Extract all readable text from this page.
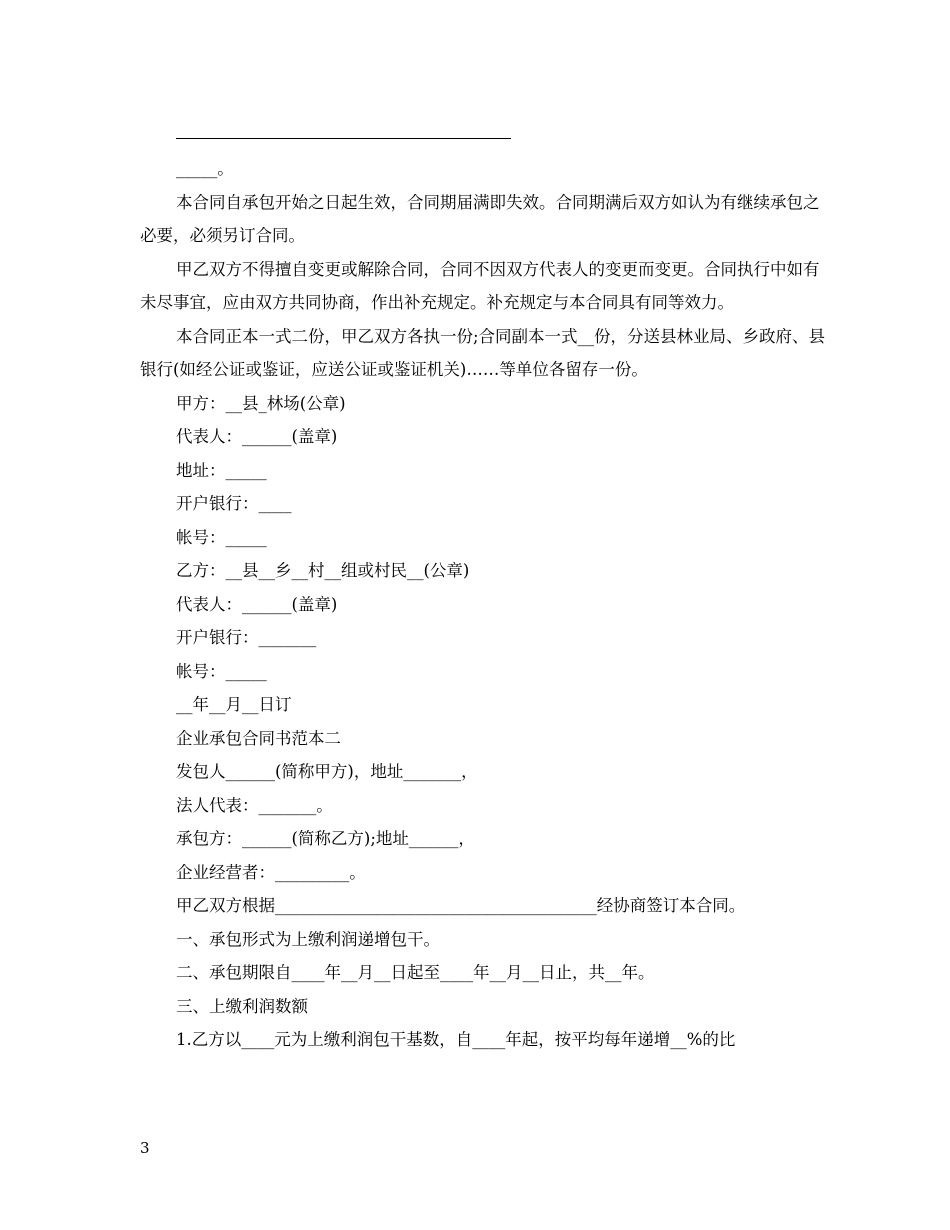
_____。

本合同自承包开始之日起生效，合同期届满即失效。合同期满后双方如认为有继续承包之必要，必须另订合同。

甲乙双方不得擅自变更或解除合同，合同不因双方代表人的变更而变更。合同执行中如有未尽事宜，应由双方共同协商，作出补充规定。补充规定与本合同具有同等效力。

本合同正本一式二份，甲乙双方各执一份;合同副本一式__份，分送县林业局、乡政府、县银行(如经公证或鉴证，应送公证或鉴证机关)……等单位各留存一份。

甲方：__县_林场(公章)

代表人：______(盖章)

地址：_____

开户银行：____

帐号：_____

乙方：__县__乡__村__组或村民__(公章)

代表人：______(盖章)

开户银行：_______

帐号：_____

__年__月__日订

企业承包合同书范本二

发包人______(简称甲方)，地址_______，

法人代表：_______。

承包方：______(简称乙方);地址______，

企业经营者：_________。

甲乙双方根据_______________________________________经协商签订本合同。

一、承包形式为上缴利润递增包干。

二、承包期限自____年__月__日起至____年__月__日止，共__年。

三、上缴利润数额

1.乙方以____元为上缴利润包干基数，自____年起，按平均每年递增__%的比

3
